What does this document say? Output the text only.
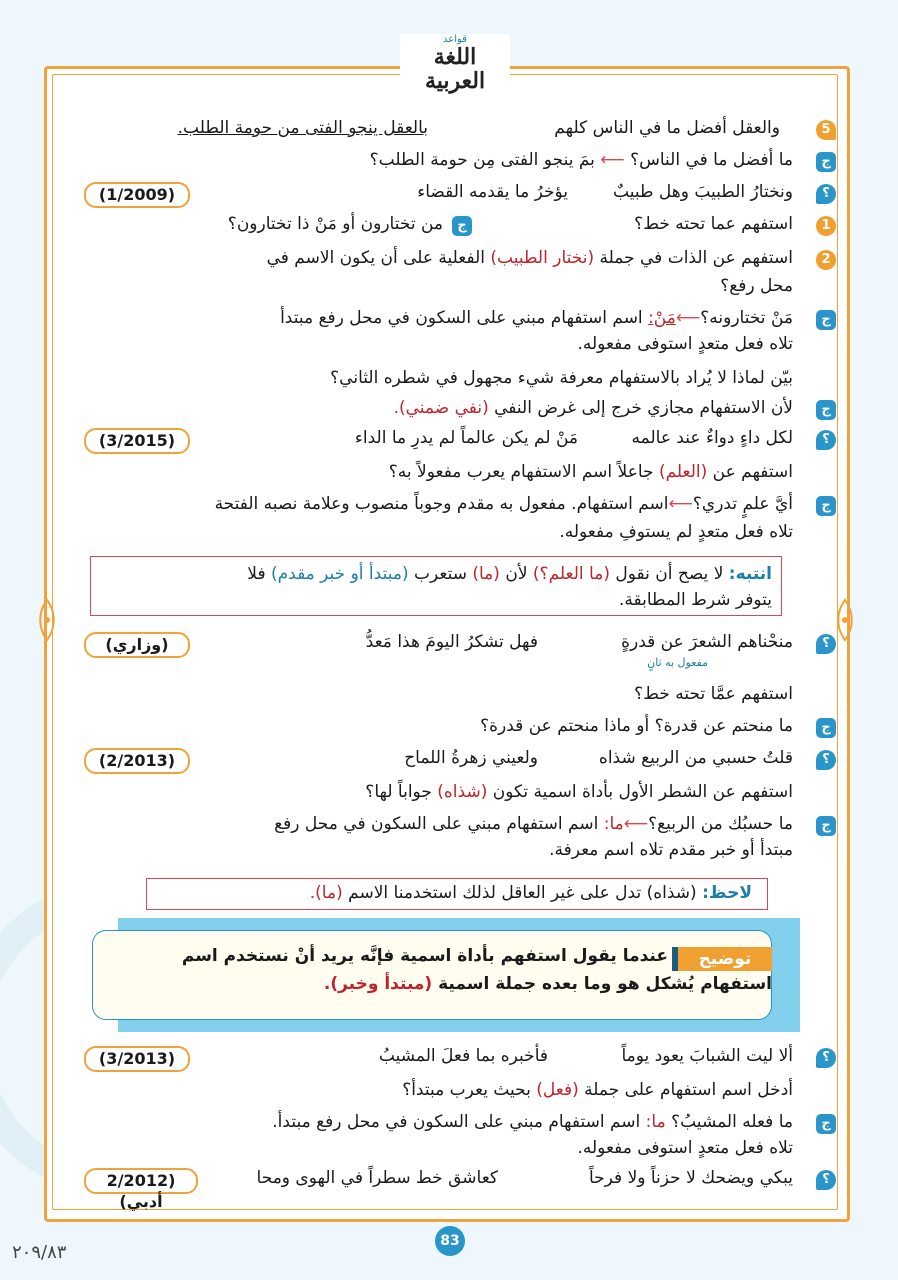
قواعد
اللغة العربية
5
والعقل أفضل ما في الناس كلهم
بالعقل ينجو الفتى من حومة الطلب.
ج
ما أفضل ما في الناس؟ ⟵ بمَ ينجو الفتى مِن حومة الطلب؟
؟
ونختارُ الطبيبَ وهل طبيبٌ
يؤخرُ ما يقدمه القضاء
(1/2009)
1
استفهم عما تحته خط؟
ج
من تختارون أو مَنْ ذا تختارون؟
2
استفهم عن الذات في جملة (نختار الطبيب) الفعلية على أن يكون الاسم في
محل رفع؟
ج
مَنْ تختارونه؟⟵مَنْ: اسم استفهام مبني على السكون في محل رفع مبتدأ
تلاه فعل متعدٍ استوفى مفعوله.
بيّن لماذا لا يُراد بالاستفهام معرفة شيء مجهول في شطره الثاني؟
ج
لأن الاستفهام مجازي خرج إلى غرض النفي (نفي ضمني).
؟
لكل داءٍ دواءٌ عند عالمه
مَنْ لم يكن عالماً لم يدرِ ما الداء
(3/2015)
استفهم عن (العلم) جاعلاً اسم الاستفهام يعرب مفعولاً به؟
ج
أيَّ علمٍ تدري؟⟵اسم استفهام. مفعول به مقدم وجوباً منصوب وعلامة نصبه الفتحة
تلاه فعل متعدٍ لم يستوفِ مفعوله.
انتبه: لا يصح أن نقول (ما العلم؟) لأن (ما) ستعرب (مبتدأ أو خبر مقدم) فلا
يتوفر شرط المطابقة.
؟
منحْناهم الشعرَ عن قدرةٍ
فهل تشكرُ اليومَ هذا مَعدُّ
مفعول به ثانٍ
(وزاري)
استفهم عمَّا تحته خط؟
ج
ما منحتم عن قدرة؟ أو ماذا منحتم عن قدرة؟
؟
قلتُ حسبي من الربيع شذاه
ولعيني زهرةُ اللماح
(2/2013)
استفهم عن الشطر الأول بأداة اسمية تكون (شذاه) جواباً لها؟
ج
ما حسبُك من الربيع؟⟵ما: اسم استفهام مبني على السكون في محل رفع
مبتدأ أو خبر مقدم تلاه اسم معرفة.
لاحظ: (شذاه) تدل على غير العاقل لذلك استخدمنا الاسم (ما).
توضيح
عندما يقول استفهم بأداة اسمية فإنَّه يريد أنْ نستخدم اسم
استفهام يُشكل هو وما بعده جملة اسمية (مبتدأ وخبر).
؟
ألا ليت الشبابَ يعود يوماً
فأخبره بما فعلَ المشيبُ
(3/2013)
أدخل اسم استفهام على جملة (فعل) بحيث يعرب مبتدأ؟
ج
ما فعله المشيبُ؟ ما: اسم استفهام مبني على السكون في محل رفع مبتدأ.
تلاه فعل متعدٍ استوفى مفعوله.
؟
يبكي ويضحك لا حزناً ولا فرحاً
كعاشق خط سطراً في الهوى ومحا
(2/2012 أدبي)
83
٢٠٩/٨٣
